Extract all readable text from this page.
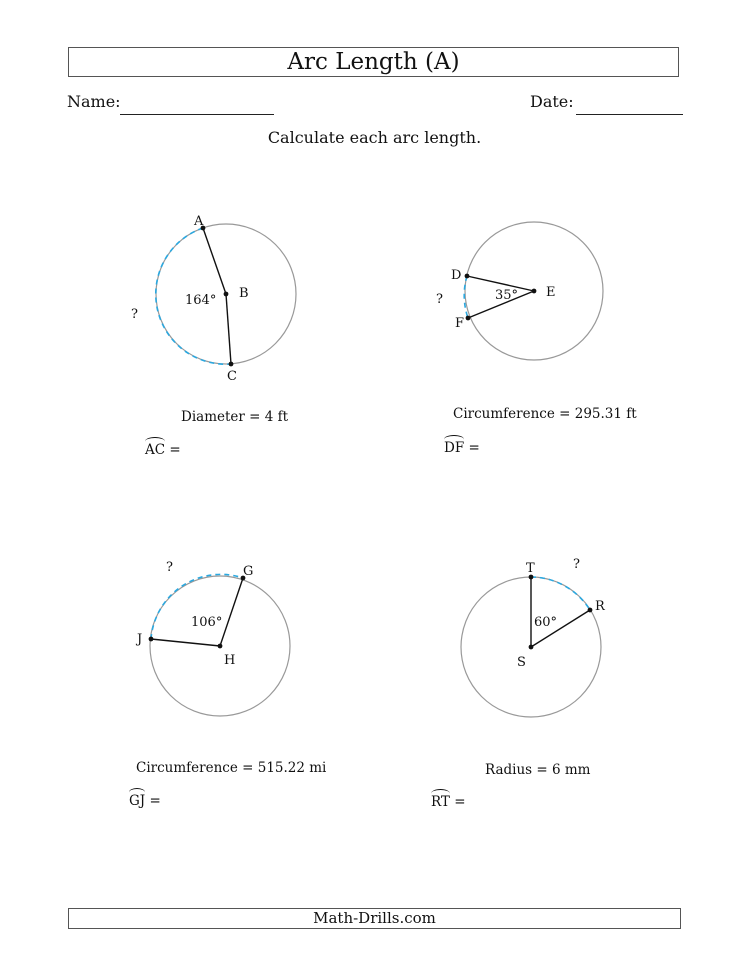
Arc Length (A)
Name:	Date:
Calculate each arc length.
A
B
C
164°
?
D
E
F
35°
?
G
H
J
106°
?	T
S
R
60°
?
Diameter = 4 ft	Circumference = 295.31 ft
Circumference = 515.22 mi	Radius = 6 mm
AC =	DF =
GJ =	RT =
Math-Drills.com
